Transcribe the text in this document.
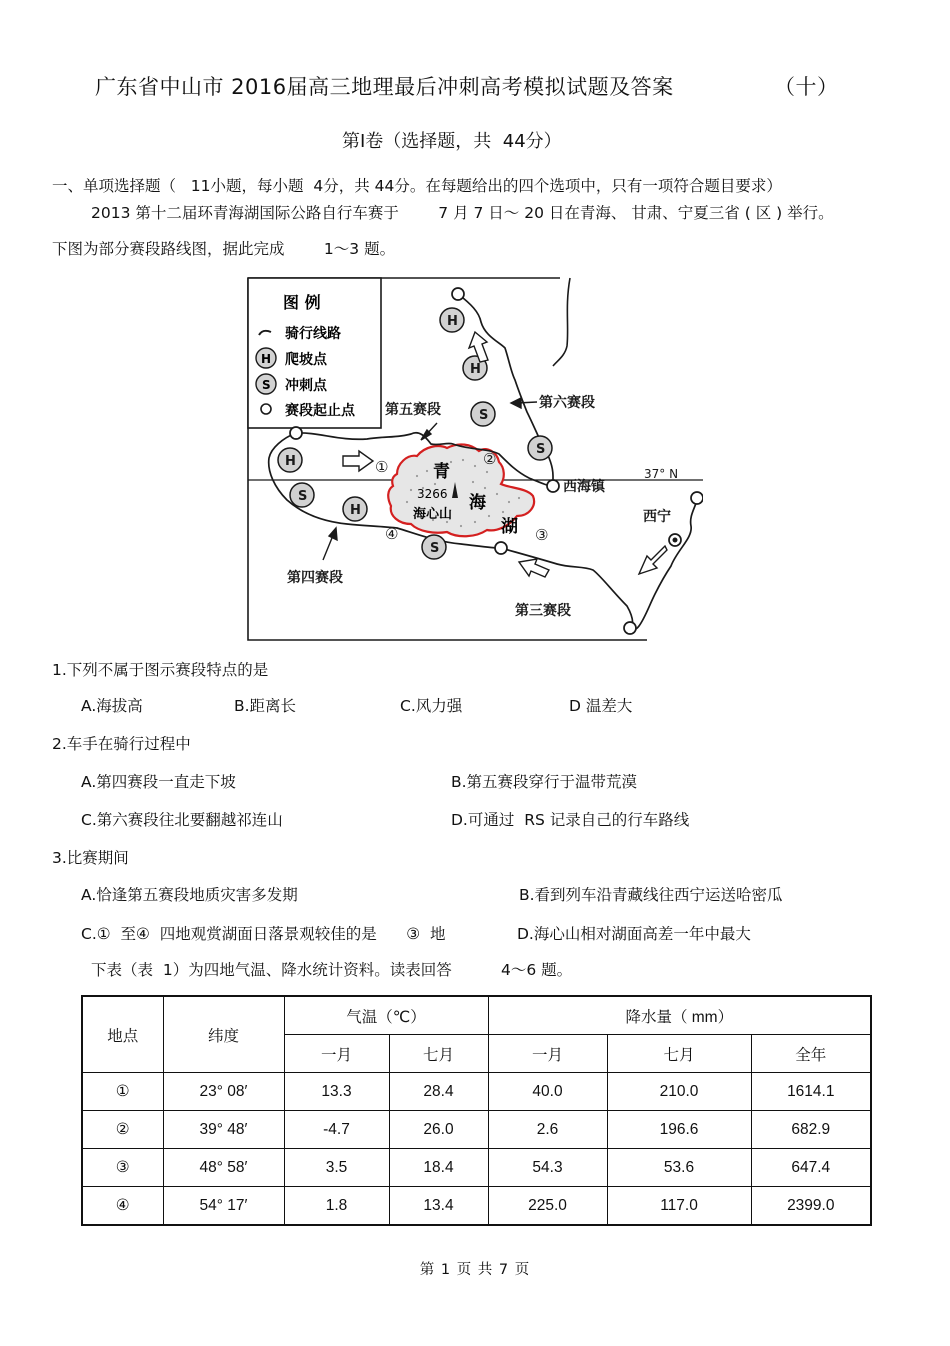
广东省中山市 2016届高三地理最后冲刺高考模拟试题及答案	（十）
第Ⅰ卷（选择题，共  44分）
一、单项选择题（   11小题，每小题  4分，共 44分。在每题给出的四个选项中，只有一项符合题目要求）
2013 第十二届环青海湖国际公路自行车赛于        7 月 7 日～ 20 日在青海、 甘肃、宁夏三省 ( 区 ) 举行。
下图为部分赛段路线图，据此完成        1～3 题。
图 例
骑行线路
H 爬坡点
S 冲刺点
赛段起止点
3266
青
海
湖
海心山
H
H
S
S
H
S
H
S
①	②
③
④
第五赛段	第六赛段
第四赛段
第三赛段
西海镇
西宁
37° N
1.下列不属于图示赛段特点的是
A.海拔高	B.距离长	C.风力强	D 温差大
2.车手在骑行过程中
A.第四赛段一直走下坡	B.第五赛段穿行于温带荒漠
C.第六赛段往北要翻越祁连山	D.可通过  RS 记录自己的行车路线
3.比赛期间
A.恰逢第五赛段地质灾害多发期	B.看到列车沿青藏线往西宁运送哈密瓜
C.①  至④  四地观赏湖面日落景观较佳的是      ③  地	D.海心山相对湖面高差一年中最大
下表（表  1）为四地气温、降水统计资料。读表回答          4～6 题。
地点	纬度	气温（℃）		降水量（ mm）		
		一月	七月	一月	七月	全年
①	23° 08′	13.3	28.4	40.0	210.0	1614.1
②	39° 48′	-4.7	26.0	2.6	196.6	682.9
③	48° 58′	3.5	18.4	54.3	53.6	647.4
④	54° 17′	1.8	13.4	225.0	117.0	2399.0
第 1 页 共 7 页
